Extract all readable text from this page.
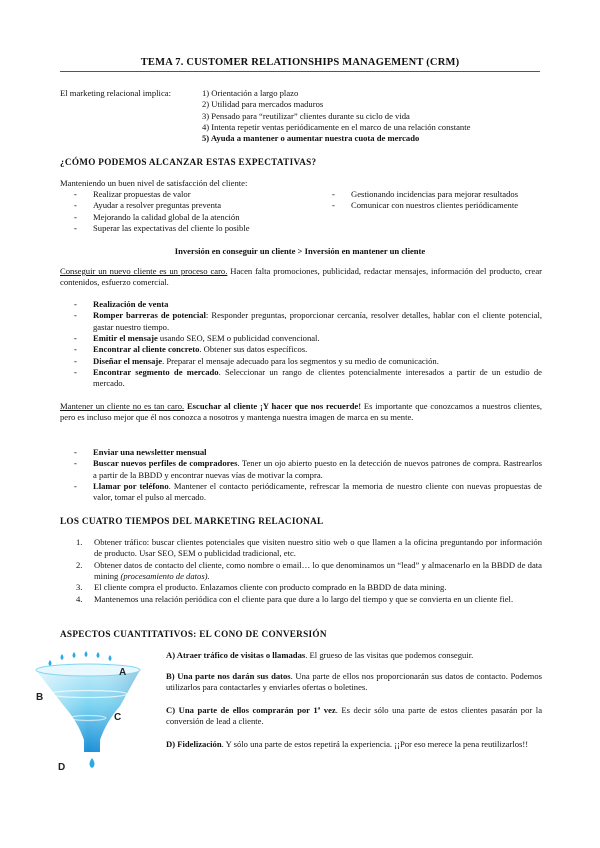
TEMA 7. CUSTOMER RELATIONSHIPS MANAGEMENT (CRM)
El marketing relacional implica:	1) Orientación a largo plazo
2) Utilidad para mercados maduros
3) Pensado para “reutilizar” clientes durante su ciclo de vida
4) Intenta repetir ventas periódicamente en el marco de una relación constante
5) Ayuda a mantener o aumentar nuestra cuota de mercado
¿CÓMO PODEMOS ALCANZAR ESTAS EXPECTATIVAS?
Manteniendo un buen nivel de satisfacción del cliente:
- Realizar propuestas de valor
- Ayudar a resolver preguntas preventa
- Mejorando la calidad global de la atención
- Superar las expectativas del cliente lo posible
- Gestionando incidencias para mejorar resultados
- Comunicar con nuestros clientes periódicamente
Inversión en conseguir un cliente > Inversión en mantener un cliente
Conseguir un nuevo cliente es un proceso caro. Hacen falta promociones, publicidad, redactar mensajes, información del producto, crear contenidos, esfuerzo comercial.
- Realización de venta
- Romper barreras de potencial: Responder preguntas, proporcionar cercanía, resolver detalles, hablar con el cliente potencial, gastar nuestro tiempo.
- Emitir el mensaje usando SEO, SEM o publicidad convencional.
- Encontrar al cliente concreto. Obtener sus datos específicos.
- Diseñar el mensaje. Preparar el mensaje adecuado para los segmentos y su medio de comunicación.
- Encontrar segmento de mercado. Seleccionar un rango de clientes potencialmente interesados a partir de un estudio de mercado.
Mantener un cliente no es tan caro. Escuchar al cliente ¡Y hacer que nos recuerde! Es importante que conozcamos a nuestros clientes, pero es incluso mejor que él nos conozca a nosotros y mantenga nuestra imagen de marca en su mente.
- Enviar una newsletter mensual
- Buscar nuevos perfiles de compradores. Tener un ojo abierto puesto en la detección de nuevos patrones de compra. Rastrearlos a partir de la BBDD y encontrar nuevas vías de motivar la compra.
- Llamar por teléfono. Mantener el contacto periódicamente, refrescar la memoria de nuestro cliente con nuevas propuestas de valor, tomar el pulso al mercado.
LOS CUATRO TIEMPOS DEL MARKETING RELACIONAL
1. Obtener tráfico: buscar clientes potenciales que visiten nuestro sitio web o que llamen a la oficina preguntando por información de producto. Usar SEO, SEM o publicidad tradicional, etc.
2. Obtener datos de contacto del cliente, como nombre o email… lo que denominamos un “lead” y almacenarlo en la BBDD de data mining (procesamiento de datos).
3. El cliente compra el producto. Enlazamos cliente con producto comprado en la BBDD de data mining.
4. Mantenemos una relación periódica con el cliente para que dure a lo largo del tiempo y que se convierta en un cliente fiel.
ASPECTOS CUANTITATIVOS: EL CONO DE CONVERSIÓN
A
B
C
D
A) Atraer tráfico de visitas o llamadas. El grueso de las visitas que podemos conseguir.
B) Una parte nos darán sus datos. Una parte de ellos nos proporcionarán sus datos de contacto. Podemos utilizarlos para contactarles y enviarles ofertas o boletines.
C) Una parte de ellos comprarán por 1ª vez. Es decir sólo una parte de estos clientes pasarán por la conversión de lead a cliente.
D) Fidelización. Y sólo una parte de estos repetirá la experiencia. ¡¡Por eso merece la pena reutilizarlos!!
